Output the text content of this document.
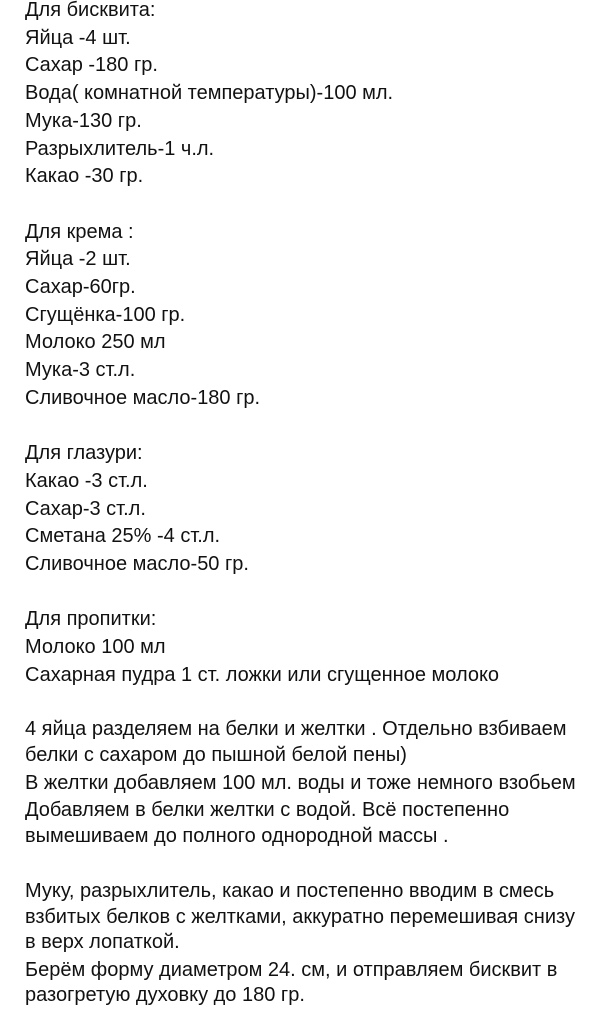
Для бисквита:
Яйца -4 шт.
Сахар -180 гр.
Вода( комнатной температуры)-100 мл.
Мука-130 гр.
Разрыхлитель-1 ч.л.
Какао -30 гр.
Для крема :
Яйца -2 шт.
Сахар-60гр.
Сгущёнка-100 гр.
Молоко 250 мл
Мука-3 ст.л.
Сливочное масло-180 гр.
Для глазури:
Какао -3 ст.л.
Сахар-3 ст.л.
Сметана 25% -4 ст.л.
Сливочное масло-50 гр.
Для пропитки:
Молоко 100 мл
Сахарная пудра 1 ст. ложки или сгущенное молоко
4 яйца разделяем на белки и желтки . Отдельно взбиваем белки с сахаром до пышной белой пены)
В желтки добавляем 100 мл. воды и тоже немного взобьем
Добавляем в белки желтки с водой. Всё постепенно вымешиваем до полного однородной массы .
Муку, разрыхлитель, какао и постепенно вводим в смесь взбитых белков с желтками, аккуратно перемешивая снизу в верх лопаткой.
Берём форму диаметром 24. см, и отправляем бисквит в разогретую духовку до 180 гр.
